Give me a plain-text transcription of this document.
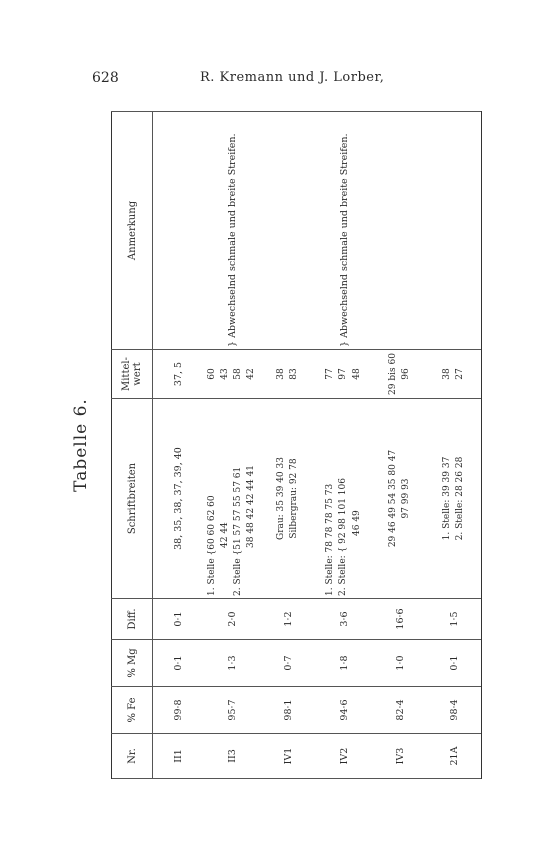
628	R. Kremann und J. Lorber,
Tabelle 6.
Nr.	% Fe	% Mg	Diff.	Schriftbreiten	Mittel-wert	Anmerkung
II1	99·8	0·1	0·1	38, 35, 38, 37, 39, 40	37, 5	
II3	95·7	1·3	2·0	1. Stelle {60 60 62 60 42 44 2. Stelle {51 57 57 55 57 61 38 48 42 42 44 41	60 43 58 42	} Abwechselnd schmale und breite Streifen.
IV1	98·1	0·7	1·2	Grau: 35 39 40 33 Silbergrau: 92 78	38 83	

IV2	94·6	1·8	3·6	1. Stelle: 78 78 78 75 73 2. Stelle: { 92 98 101 106 46 49	77 97 48	} Abwechselnd schmale und breite Streifen.
IV3	82·4	1·0	16·6	29 46 49 54 35 80 47 97 99 93	29 bis 60 96	

21A	98·4	0·1	1·5	1. Stelle: 39 39 37 2. Stelle: 28 26 28	38 27	
